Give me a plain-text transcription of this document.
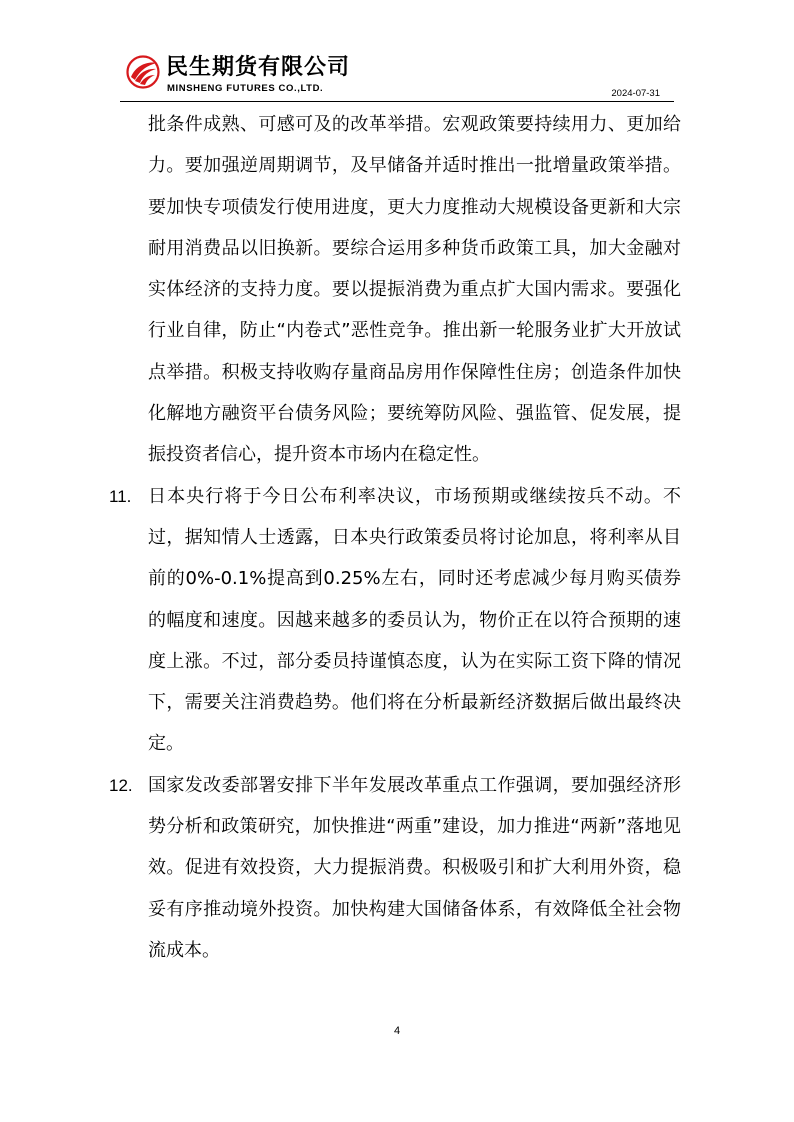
民生期货有限公司
MINSHENG FUTURES CO.,LTD.	2024-07-31

批条件成熟、可感可及的改革举措。宏观政策要持续用力、更加给力。要加强逆周期调节，及早储备并适时推出一批增量政策举措。要加快专项债发行使用进度，更大力度推动大规模设备更新和大宗耐用消费品以旧换新。要综合运用多种货币政策工具，加大金融对实体经济的支持力度。要以提振消费为重点扩大国内需求。要强化行业自律，防止“内卷式”恶性竞争。推出新一轮服务业扩大开放试点举措。积极支持收购存量商品房用作保障性住房；创造条件加快化解地方融资平台债务风险；要统筹防风险、强监管、促发展，提振投资者信心，提升资本市场内在稳定性。

11. 日本央行将于今日公布利率决议，市场预期或继续按兵不动。不过，据知情人士透露，日本央行政策委员将讨论加息，将利率从目前的0%-0.1%提高到0.25%左右，同时还考虑减少每月购买债券的幅度和速度。因越来越多的委员认为，物价正在以符合预期的速度上涨。不过，部分委员持谨慎态度，认为在实际工资下降的情况下，需要关注消费趋势。他们将在分析最新经济数据后做出最终决定。

12. 国家发改委部署安排下半年发展改革重点工作强调，要加强经济形势分析和政策研究，加快推进“两重”建设，加力推进“两新”落地见效。促进有效投资，大力提振消费。积极吸引和扩大利用外资，稳妥有序推动境外投资。加快构建大国储备体系，有效降低全社会物流成本。

4
